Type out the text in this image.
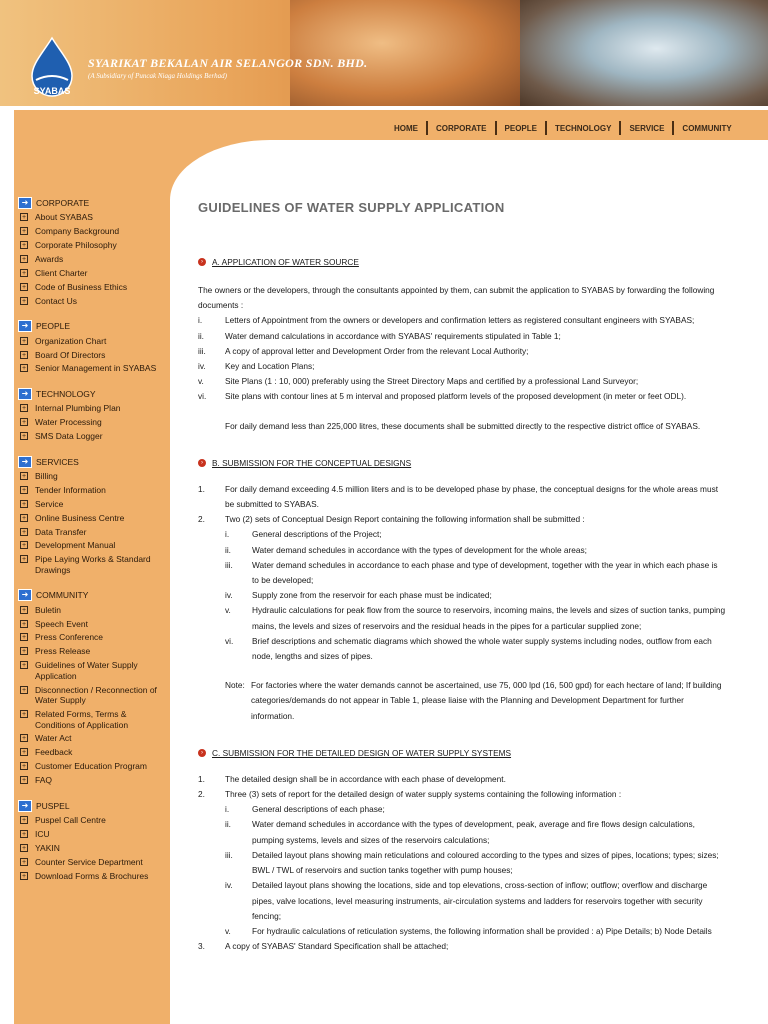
SYABAS
SYARIKAT BEKALAN AIR SELANGOR SDN. BHD.
(A Subsidiary of Puncak Niaga Holdings Berhad)
HOME	CORPORATE	PEOPLE	TECHNOLOGY	SERVICE	COMMUNITY
➜ CORPORATE
+ About SYABAS
+ Company Background
+ Corporate Philosophy
+ Awards
+ Client Charter
+ Code of Business Ethics
+ Contact Us
➜ PEOPLE
+ Organization Chart
+ Board Of Directors
+ Senior Management in SYABAS
➜ TECHNOLOGY
+ Internal Plumbing Plan
+ Water Processing
+ SMS Data Logger
➜ SERVICES
+ Billing
+ Tender Information
+ Service
+ Online Business Centre
+ Data Transfer
+ Development Manual
+ Pipe Laying Works & Standard Drawings
➜ COMMUNITY
+ Buletin
+ Speech Event
+ Press Conference
+ Press Release
+ Guidelines of Water Supply Application
+ Disconnection / Reconnection of Water Supply
+ Related Forms, Terms & Conditions of Application
+ Water Act
+ Feedback
+ Customer Education Program
+ FAQ
➜ PUSPEL
+ Puspel Call Centre
+ ICU
+ YAKIN
+ Counter Service Department
+ Download Forms & Brochures
GUIDELINES OF WATER SUPPLY APPLICATION
›	A. APPLICATION OF WATER SOURCE
The owners or the developers, through the consultants appointed by them, can submit the application to SYABAS by forwarding the following documents :
i.	Letters of Appointment from the owners or developers and confirmation letters as registered consultant engineers with SYABAS;
ii.	Water demand calculations in accordance with SYABAS' requirements stipulated in Table 1;
iii.	A copy of approval letter and Development Order from the relevant Local Authority;
iv.	Key and Location Plans;
v.	Site Plans (1 : 10, 000) preferably using the Street Directory Maps and certified by a professional Land Surveyor;
vi.	Site plans with contour lines at 5 m interval and proposed platform levels of the proposed development (in meter or feet ODL).
For daily demand less than 225,000 litres, these documents shall be submitted directly to the respective district office of SYABAS.
›	B. SUBMISSION FOR THE CONCEPTUAL DESIGNS
1.	For daily demand exceeding 4.5 million liters and is to be developed phase by phase, the conceptual designs for the whole areas must be submitted to SYABAS.
2.	Two (2) sets of Conceptual Design Report containing the following information shall be submitted :
i.	General descriptions of the Project;
ii.	Water demand schedules in accordance with the types of development for the whole areas;
iii.	Water demand schedules in accordance to each phase and type of development, together with the year in which each phase is to be developed;
iv.	Supply zone from the reservoir for each phase must be indicated;
v.	Hydraulic calculations for peak flow from the source to reservoirs, incoming mains, the levels and sizes of suction tanks, pumping mains, the levels and sizes of reservoirs and the residual heads in the pipes for a particular supplied zone;
vi.	Brief descriptions and schematic diagrams which showed the whole water supply systems including nodes, outflow from each node, lengths and sizes of pipes.
Note: For factories where the water demands cannot be ascertained, use 75, 000 lpd (16, 500 gpd) for each hectare of land; If building categories/demands do not appear in Table 1, please liaise with the Planning and Development Department for further information.
›	C. SUBMISSION FOR THE DETAILED DESIGN OF WATER SUPPLY SYSTEMS
1.	The detailed design shall be in accordance with each phase of development.
2.	Three (3) sets of report for the detailed design of water supply systems containing the following information :
i.	General descriptions of each phase;
ii.	Water demand schedules in accordance with the types of development, peak, average and fire flows design calculations, pumping systems, levels and sizes of the reservoirs calculations;
iii.	Detailed layout plans showing main reticulations and coloured according to the types and sizes of pipes, locations; types; sizes; BWL / TWL of reservoirs and suction tanks together with pump houses;
iv.	Detailed layout plans showing the locations, side and top elevations, cross-section of inflow; outflow; overflow and discharge pipes, valve locations, level measuring instruments, air-circulation systems and ladders for reservoirs together with security fencing;
v.	For hydraulic calculations of reticulation systems, the following information shall be provided : a) Pipe Details; b) Node Details
3.	A copy of SYABAS' Standard Specification shall be attached;
